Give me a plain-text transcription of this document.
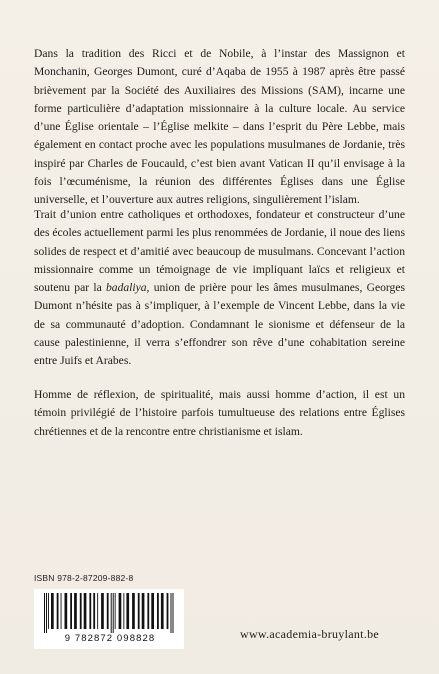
Dans la tradition des Ricci et de Nobile, à l’instar des Massignon et Monchanin, Georges Dumont, curé d’Aqaba de 1955 à 1987 après être passé brièvement par la Société des Auxiliaires des Missions (SAM), incarne une forme particulière d’adaptation missionnaire à la culture locale. Au service d’une Église orientale – l’Église melkite – dans l’esprit du Père Lebbe, mais également en contact proche avec les populations musulmanes de Jordanie, très inspiré par Charles de Foucauld, c’est bien avant Vatican II qu’il envisage à la fois l’œcuménisme, la réunion des différentes Églises dans une Église universelle, et l’ouverture aux autres religions, singulièrement l’islam.

Trait d’union entre catholiques et orthodoxes, fondateur et constructeur d’une des écoles actuellement parmi les plus renommées de Jordanie, il noue des liens solides de respect et d’amitié avec beaucoup de musulmans. Concevant l’action missionnaire comme un témoignage de vie impliquant laïcs et religieux et soutenu par la badaliya, union de prière pour les âmes musulmanes, Georges Dumont n’hésite pas à s’impliquer, à l’exemple de Vincent Lebbe, dans la vie de sa communauté d’adoption. Condamnant le sionisme et défenseur de la cause palestinienne, il verra s’effondrer son rêve d’une cohabitation sereine entre Juifs et Arabes.

Homme de réflexion, de spiritualité, mais aussi homme d’action, il est un témoin privilégié de l’histoire parfois tumultueuse des relations entre Églises chrétiennes et de la rencontre entre christianisme et islam.

ISBN 978-2-87209-882-8
9 782872 098828	www.academia-bruylant.be
